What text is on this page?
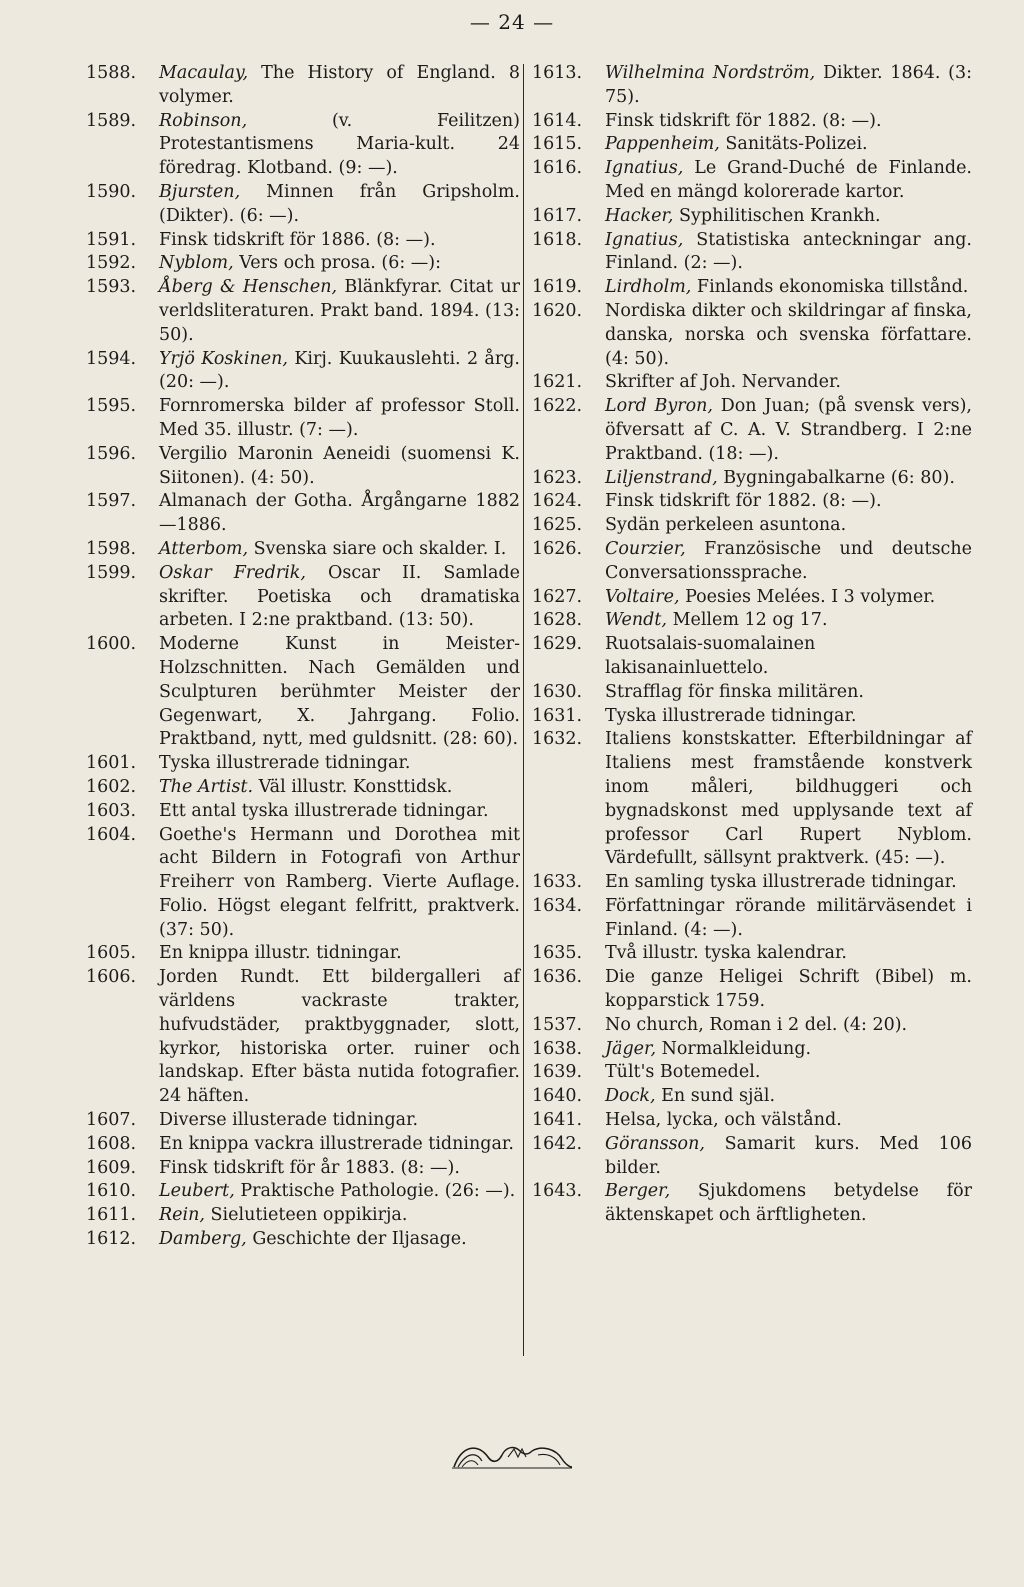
— 24 —
1588. Macaulay, The History of England. 8 volymer.
1589. Robinson, (v. Feilitzen) Protestantismens Maria-kult. 24 föredrag. Klotband. (9: —).
1590. Bjursten, Minnen från Gripsholm. (Dikter). (6: —).
1591. Finsk tidskrift för 1886. (8: —).
1592. Nyblom, Vers och prosa. (6: —):
1593. Åberg & Henschen, Blänkfyrar. Citat ur verldsliteraturen. Prakt band. 1894. (13: 50).
1594. Yrjö Koskinen, Kirj. Kuukauslehti. 2 årg. (20: —).
1595. Fornromerska bilder af professor Stoll. Med 35. illustr. (7: —).
1596. Vergilio Maronin Aeneidi (suomensi K. Siitonen). (4: 50).
1597. Almanach der Gotha. Årgångarne 1882—1886.
1598. Atterbom, Svenska siare och skalder. I.
1599. Oskar Fredrik, Oscar II. Samlade skrifter. Poetiska och dramatiska arbeten. I 2:ne praktband. (13: 50).
1600. Moderne Kunst in Meister-Holzschnitten. Nach Gemälden und Sculpturen berühmter Meister der Gegenwart, X. Jahrgang. Folio. Praktband, nytt, med guldsnitt. (28: 60).
1601. Tyska illustrerade tidningar.
1602. The Artist. Väl illustr. Konsttidsk.
1603. Ett antal tyska illustrerade tidningar.
1604. Goethe's Hermann und Dorothea mit acht Bildern in Fotografi von Arthur Freiherr von Ramberg. Vierte Auflage. Folio. Högst elegant felfritt, praktverk. (37: 50).
1605. En knippa illustr. tidningar.
1606. Jorden Rundt. Ett bildergalleri af världens vackraste trakter, hufvudstäder, praktbyggnader, slott, kyrkor, historiska orter. ruiner och landskap. Efter bästa nutida fotografier. 24 häften.
1607. Diverse illusterade tidningar.
1608. En knippa vackra illustrerade tidningar.
1609. Finsk tidskrift för år 1883. (8: —).
1610. Leubert, Praktische Pathologie. (26: —).
1611. Rein, Sielutieteen oppikirja.
1612. Damberg, Geschichte der Iljasage.
1613. Wilhelmina Nordström, Dikter. 1864. (3: 75).
1614. Finsk tidskrift för 1882. (8: —).
1615. Pappenheim, Sanitäts-Polizei.
1616. Ignatius, Le Grand-Duché de Finlande. Med en mängd kolorerade kartor.
1617. Hacker, Syphilitischen Krankh.
1618. Ignatius, Statistiska anteckningar ang. Finland. (2: —).
1619. Lirdholm, Finlands ekonomiska tillstånd.
1620. Nordiska dikter och skildringar af finska, danska, norska och svenska författare. (4: 50).
1621. Skrifter af Joh. Nervander.
1622. Lord Byron, Don Juan; (på svensk vers), öfversatt af C. A. V. Strandberg. I 2:ne Praktband. (18: —).
1623. Liljenstrand, Bygningabalkarne (6: 80).
1624. Finsk tidskrift för 1882. (8: —).
1625. Sydän perkeleen asuntona.
1626. Courzier, Französische und deutsche Conversationssprache.
1627. Voltaire, Poesies Melées. I 3 volymer.
1628. Wendt, Mellem 12 og 17.
1629. Ruotsalais-suomalainen lakisanainluettelo.
1630. Strafflag för finska militären.
1631. Tyska illustrerade tidningar.
1632. Italiens konstskatter. Efterbildningar af Italiens mest framstående konstverk inom måleri, bildhuggeri och bygnadskonst med upplysande text af professor Carl Rupert Nyblom. Värdefullt, sällsynt praktverk. (45: —).
1633. En samling tyska illustrerade tidningar.
1634. Författningar rörande militärväsendet i Finland. (4: —).
1635. Två illustr. tyska kalendrar.
1636. Die ganze Heligei Schrift (Bibel) m. kopparstick 1759.
1537. No church, Roman i 2 del. (4: 20).
1638. Jäger, Normalkleidung.
1639. Tült's Botemedel.
1640. Dock, En sund själ.
1641. Helsa, lycka, och välstånd.
1642. Göransson, Samarit kurs. Med 106 bilder.
1643. Berger, Sjukdomens betydelse för äktenskapet och ärftligheten.
